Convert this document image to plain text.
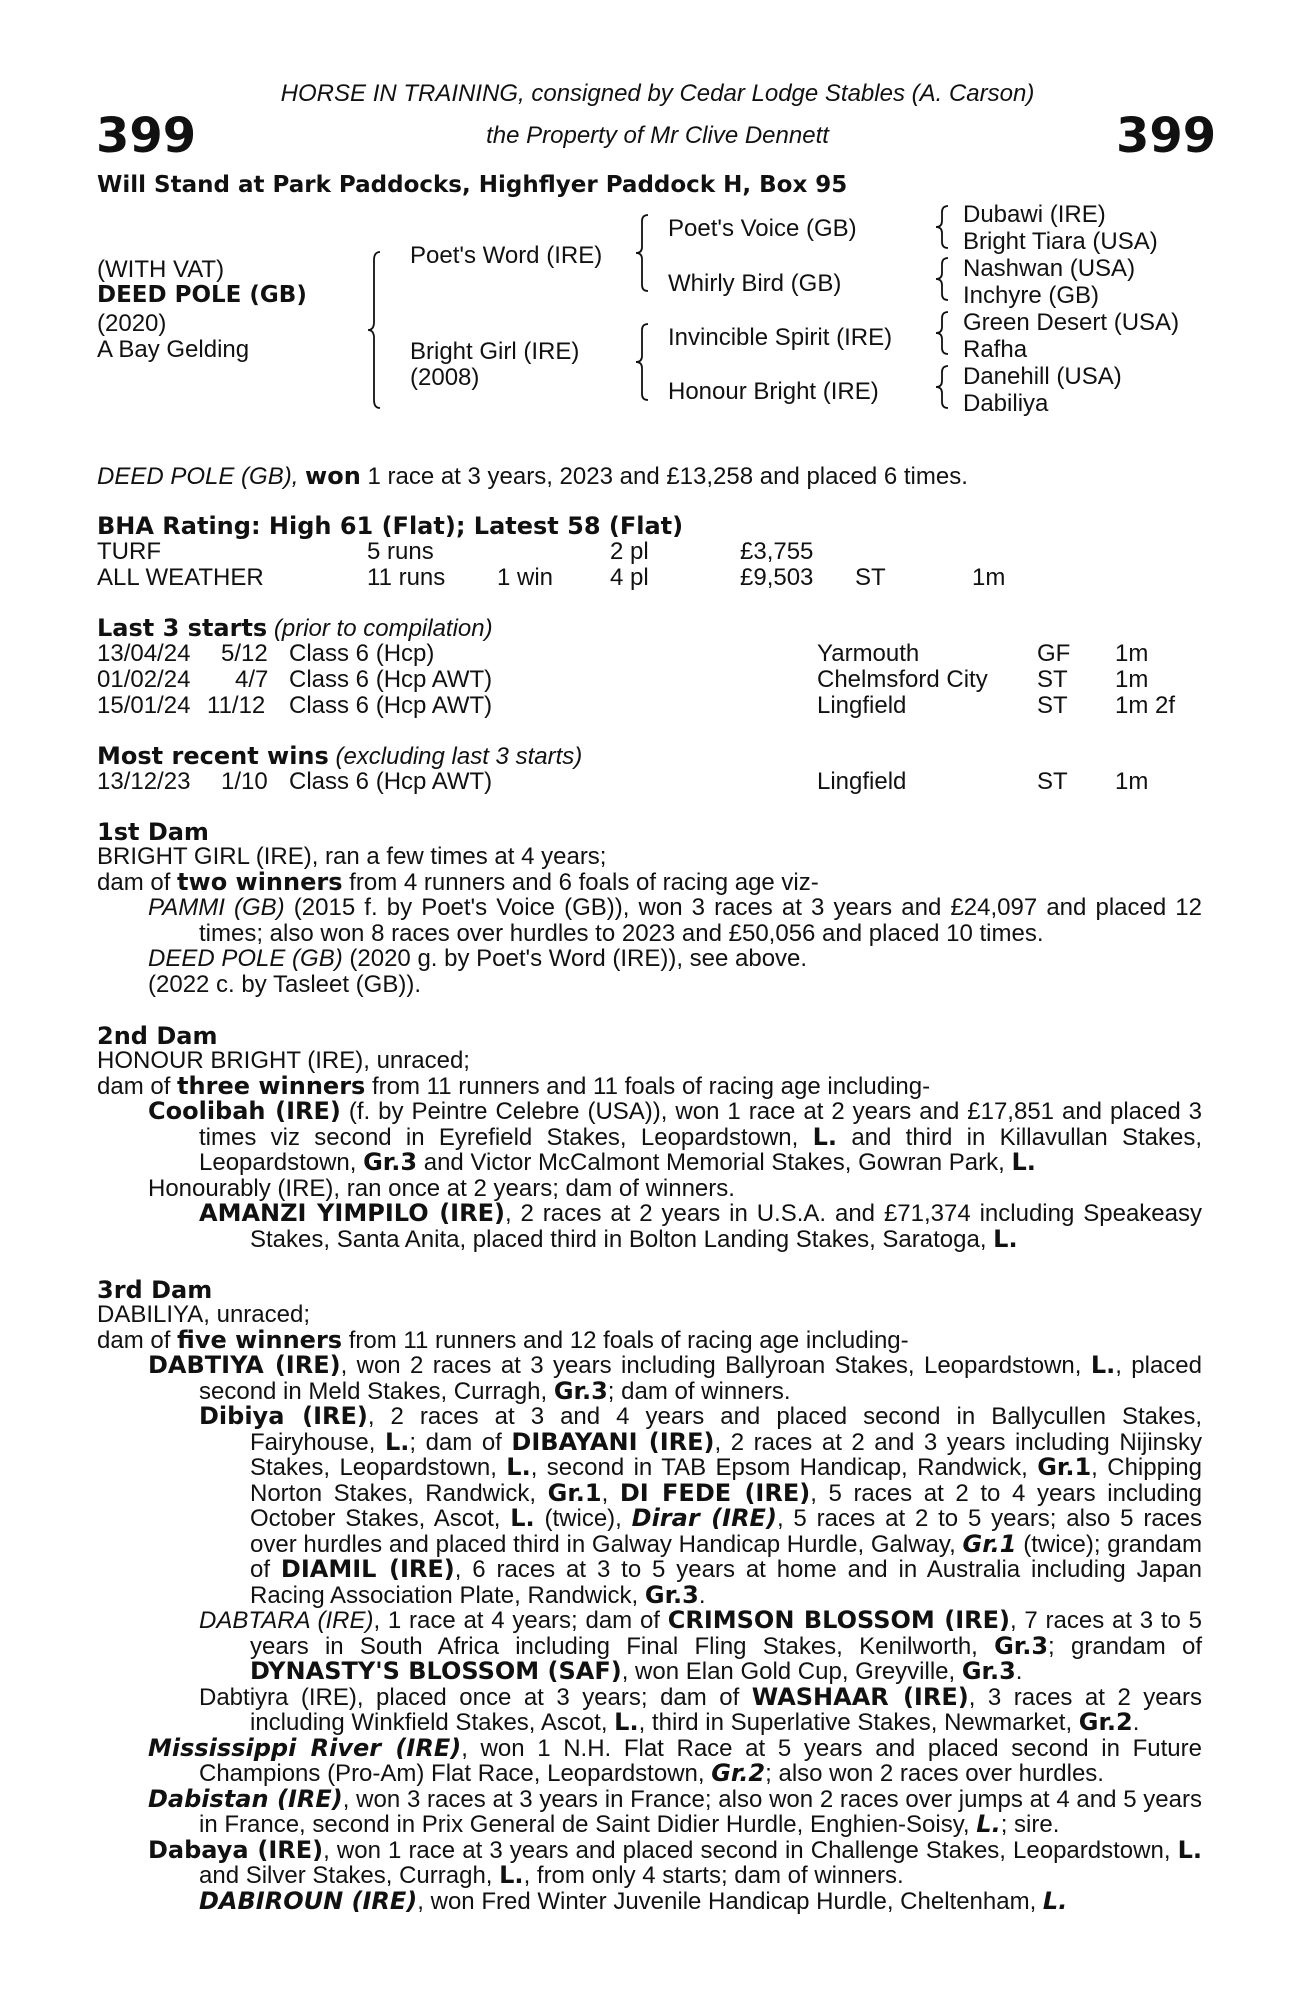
HORSE IN TRAINING, consigned by Cedar Lodge Stables (A. Carson)
the Property of Mr Clive Dennett
399	399
Will Stand at Park Paddocks, Highflyer Paddock H, Box 95
(WITH VAT)
DEED POLE (GB)
(2020)
A Bay Gelding
Poet's Word (IRE)
Bright Girl (IRE)
(2008)
Poet's Voice (GB)
Whirly Bird (GB)
Invincible Spirit (IRE)
Honour Bright (IRE)
Dubawi (IRE)
Bright Tiara (USA)
Nashwan (USA)
Inchyre (GB)
Green Desert (USA)
Rafha
Danehill (USA)
Dabiliya
DEED POLE (GB), won 1 race at 3 years, 2023 and £13,258 and placed 6 times.
BHA Rating: High 61 (Flat); Latest 58 (Flat)
TURF	5 runs	2 pl	£3,755
ALL WEATHER	11 runs 1 win 4 pl	£9,503 ST	1m
Last 3 starts (prior to compilation)
13/04/24 5/12 Class 6 (Hcp)	Yarmouth	GF 1m
01/02/24 4/7 Class 6 (Hcp AWT)	Chelmsford City ST 1m
15/01/24 11/12 Class 6 (Hcp AWT)	Lingfield	ST 1m 2f
Most recent wins (excluding last 3 starts)
13/12/23 1/10 Class 6 (Hcp AWT)	Lingfield	ST 1m
1st Dam
BRIGHT GIRL (IRE), ran a few times at 4 years;
dam of two winners from 4 runners and 6 foals of racing age viz-
PAMMI (GB) (2015 f. by Poet's Voice (GB)), won 3 races at 3 years and £24,097 and placed 12 times; also won 8 races over hurdles to 2023 and £50,056 and placed 10 times.
DEED POLE (GB) (2020 g. by Poet's Word (IRE)), see above.
(2022 c. by Tasleet (GB)).
2nd Dam
HONOUR BRIGHT (IRE), unraced;
dam of three winners from 11 runners and 11 foals of racing age including-
Coolibah (IRE) (f. by Peintre Celebre (USA)), won 1 race at 2 years and £17,851 and placed 3 times viz second in Eyrefield Stakes, Leopardstown, L. and third in Killavullan Stakes, Leopardstown, Gr.3 and Victor McCalmont Memorial Stakes, Gowran Park, L.
Honourably (IRE), ran once at 2 years; dam of winners.
AMANZI YIMPILO (IRE), 2 races at 2 years in U.S.A. and £71,374 including Speakeasy Stakes, Santa Anita, placed third in Bolton Landing Stakes, Saratoga, L.
3rd Dam
DABILIYA, unraced;
dam of five winners from 11 runners and 12 foals of racing age including-
DABTIYA (IRE), won 2 races at 3 years including Ballyroan Stakes, Leopardstown, L., placed second in Meld Stakes, Curragh, Gr.3; dam of winners.
Dibiya (IRE), 2 races at 3 and 4 years and placed second in Ballycullen Stakes, Fairyhouse, L.; dam of DIBAYANI (IRE), 2 races at 2 and 3 years including Nijinsky Stakes, Leopardstown, L., second in TAB Epsom Handicap, Randwick, Gr.1, Chipping Norton Stakes, Randwick, Gr.1, DI FEDE (IRE), 5 races at 2 to 4 years including October Stakes, Ascot, L. (twice), Dirar (IRE), 5 races at 2 to 5 years; also 5 races over hurdles and placed third in Galway Handicap Hurdle, Galway, Gr.1 (twice); grandam of DIAMIL (IRE), 6 races at 3 to 5 years at home and in Australia including Japan Racing Association Plate, Randwick, Gr.3.
DABTARA (IRE), 1 race at 4 years; dam of CRIMSON BLOSSOM (IRE), 7 races at 3 to 5 years in South Africa including Final Fling Stakes, Kenilworth, Gr.3; grandam of DYNASTY'S BLOSSOM (SAF), won Elan Gold Cup, Greyville, Gr.3.
Dabtiyra (IRE), placed once at 3 years; dam of WASHAAR (IRE), 3 races at 2 years including Winkfield Stakes, Ascot, L., third in Superlative Stakes, Newmarket, Gr.2.
Mississippi River (IRE), won 1 N.H. Flat Race at 5 years and placed second in Future Champions (Pro-Am) Flat Race, Leopardstown, Gr.2; also won 2 races over hurdles.
Dabistan (IRE), won 3 races at 3 years in France; also won 2 races over jumps at 4 and 5 years in France, second in Prix General de Saint Didier Hurdle, Enghien-Soisy, L.; sire.
Dabaya (IRE), won 1 race at 3 years and placed second in Challenge Stakes, Leopardstown, L. and Silver Stakes, Curragh, L., from only 4 starts; dam of winners.
DABIROUN (IRE), won Fred Winter Juvenile Handicap Hurdle, Cheltenham, L.
